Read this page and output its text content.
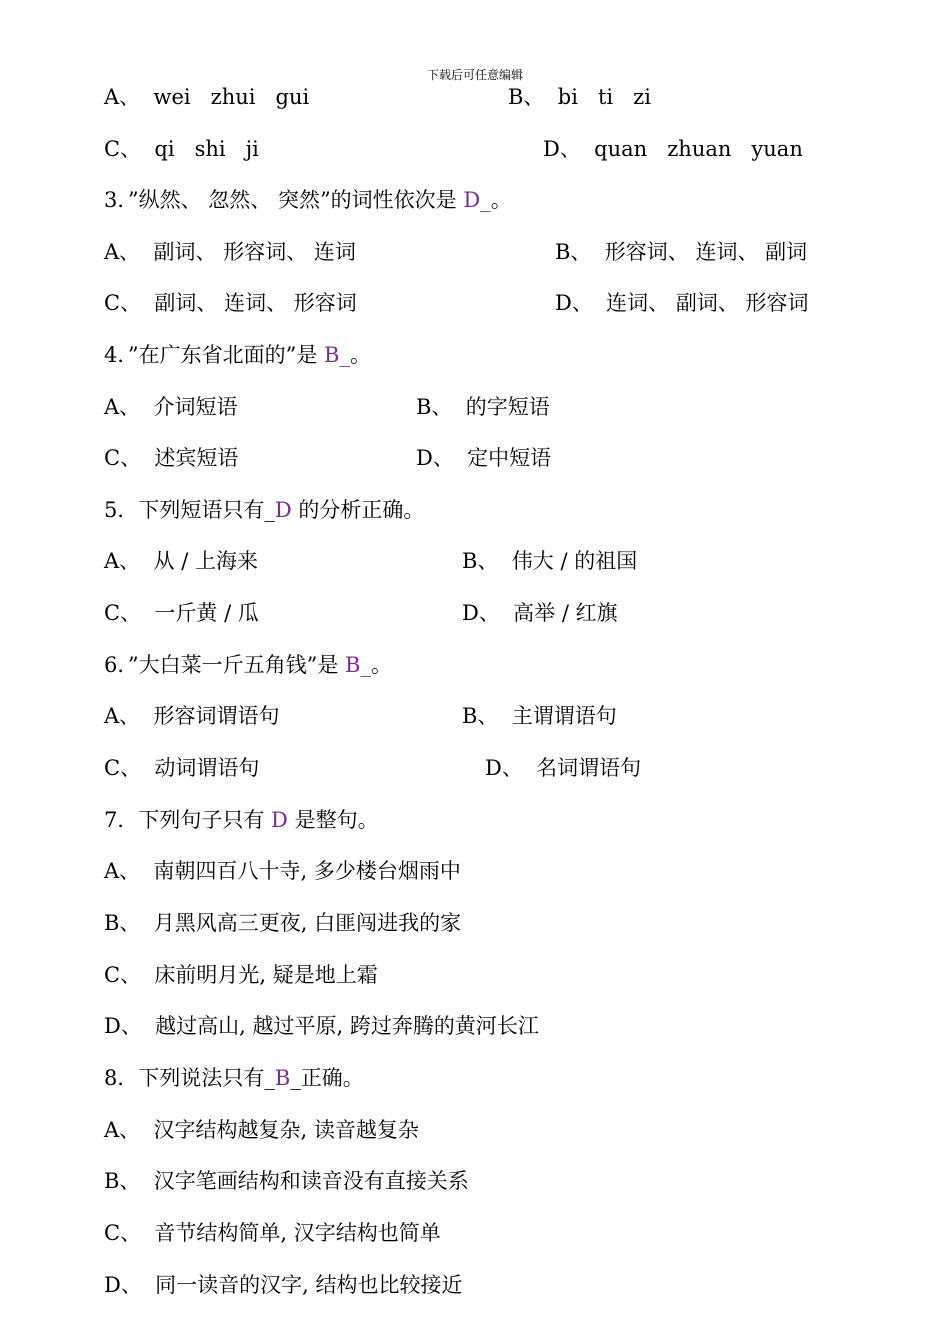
下载后可任意编辑

A、  wei   zhui   gui

	B、  bi   ti   zi

C、  qi   shi   ji

	D、  quan   zhuan   yuan

3．”纵然、 忽然、 突然”的词性依次是 D_。

A、  副词、 形容词、 连词

	B、  形容词、 连词、 副词

C、  副词、 连词、 形容词

	D、  连词、 副词、 形容词

4．”在广东省北面的”是 B_。

A、  介词短语

	B、  的字短语

C、  述宾短语

	D、  定中短语

5．下列短语只有_D 的分析正确。

A、  从 / 上海来

	B、  伟大 / 的祖国

C、  一斤黄 / 瓜

	D、  高举 / 红旗

6．”大白菜一斤五角钱”是 B_。

A、  形容词谓语句

	B、  主谓谓语句

C、  动词谓语句

	D、  名词谓语句

7．下列句子只有 D 是整句。

A、  南朝四百八十寺, 多少楼台烟雨中

B、  月黑风高三更夜, 白匪闯进我的家

C、  床前明月光, 疑是地上霜

D、  越过高山, 越过平原, 跨过奔腾的黄河长江

8．下列说法只有_B_正确。

A、  汉字结构越复杂, 读音越复杂

B、  汉字笔画结构和读音没有直接关系

C、  音节结构简单, 汉字结构也简单

D、  同一读音的汉字, 结构也比较接近
